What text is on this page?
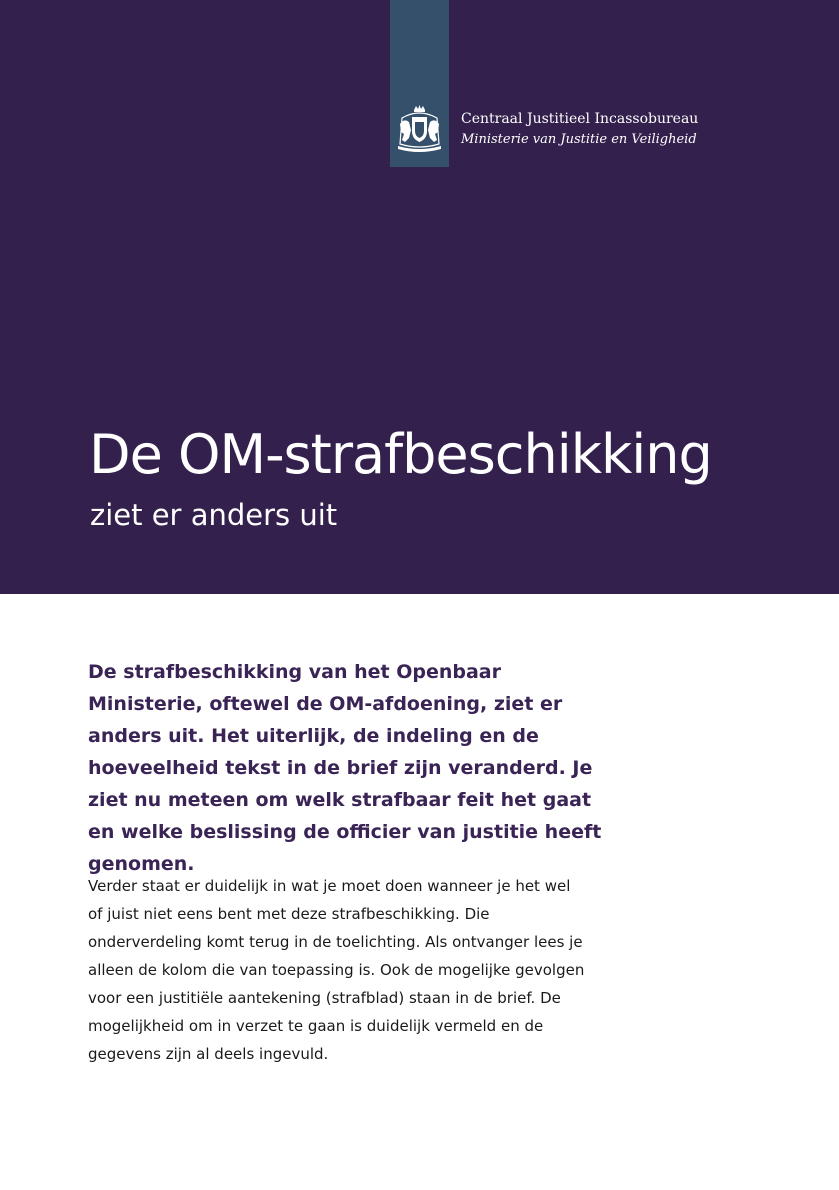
Centraal Justitieel Incassobureau
Ministerie van Justitie en Veiligheid
De OM-strafbeschikking
ziet er anders uit

De strafbeschikking van het Openbaar Ministerie, oftewel de OM-afdoening, ziet er anders uit. Het uiterlijk, de indeling en de hoeveelheid tekst in de brief zijn veranderd. Je ziet nu meteen om welk strafbaar feit het gaat en welke beslissing de officier van justitie heeft genomen.

Verder staat er duidelijk in wat je moet doen wanneer je het wel of juist niet eens bent met deze strafbeschikking. Die onderverdeling komt terug in de toelichting. Als ontvanger lees je alleen de kolom die van toepassing is. Ook de mogelijke gevolgen voor een justitiële aantekening (strafblad) staan in de brief. De mogelijkheid om in verzet te gaan is duidelijk vermeld en de gegevens zijn al deels ingevuld.
